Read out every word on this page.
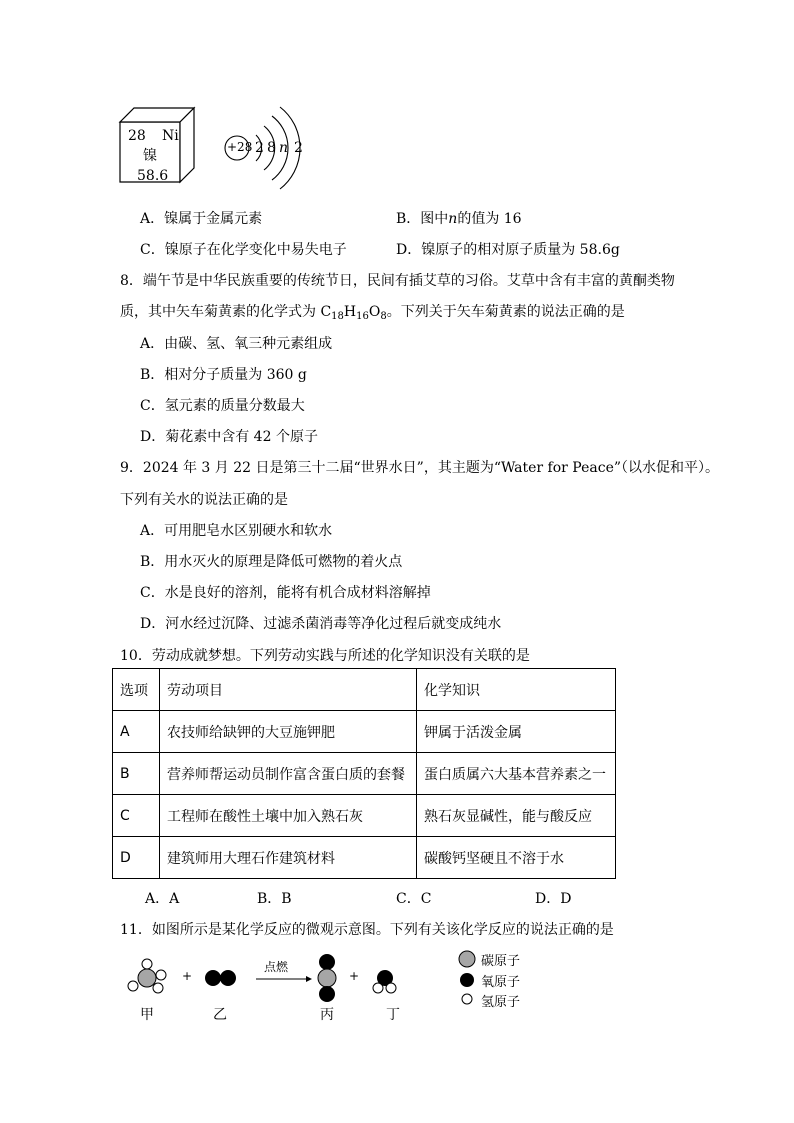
28 Ni
镍
58.6
+28 2 8 n 2
A．镍属于金属元素	B．图中n的值为 16
C．镍原子在化学变化中易失电子	D．镍原子的相对原子质量为 58.6g
8．端午节是中华民族重要的传统节日，民间有插艾草的习俗。艾草中含有丰富的黄酮类物
质，其中矢车菊黄素的化学式为 $C_{18}H_{16}O_8$。下列关于矢车菊黄素的说法正确的是
A．由碳、氢、氧三种元素组成
B．相对分子质量为 360 g
C．氢元素的质量分数最大
D．菊花素中含有 42 个原子
9．2024 年 3 月 22 日是第三十二届“世界水日”，其主题为“Water for Peace”（以水促和平）。
下列有关水的说法正确的是
A．可用肥皂水区别硬水和软水
B．用水灭火的原理是降低可燃物的着火点
C．水是良好的溶剂，能将有机合成材料溶解掉
D．河水经过沉降、过滤杀菌消毒等净化过程后就变成纯水
10．劳动成就梦想。下列劳动实践与所述的化学知识没有关联的是
选项	劳动项目	化学知识
A	农技师给缺钾的大豆施钾肥	钾属于活泼金属
B	营养师帮运动员制作富含蛋白质的套餐	蛋白质属六大基本营养素之一
C	工程师在酸性土壤中加入熟石灰	熟石灰显碱性，能与酸反应
D	建筑师用大理石作建筑材料	碳酸钙坚硬且不溶于水
A．A	B．B	C．C	D．D
11．如图所示是某化学反应的微观示意图。下列有关该化学反应的说法正确的是
+	+
点燃
甲	乙	丙	丁
碳原子
氧原子
氢原子
